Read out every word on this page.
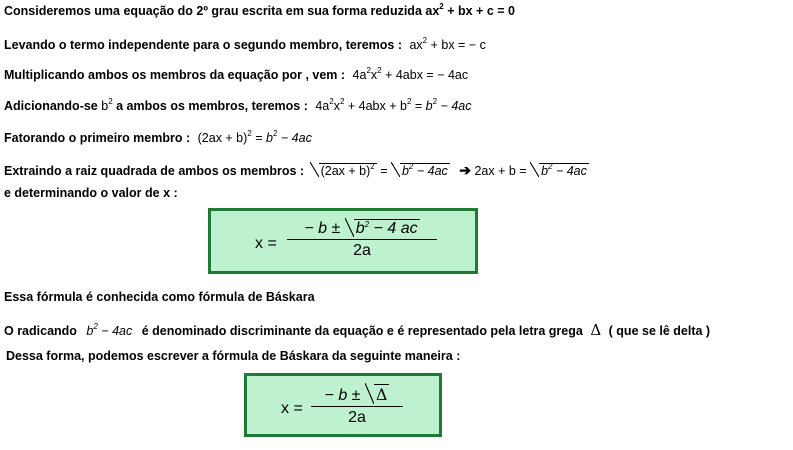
Consideremos uma equação do 2º grau escrita em sua forma reduzida $ax^2$ + bx + c = 0
Levando o termo independente para o segundo membro, teremos : $ax^2$ + bx = − c
Multiplicando ambos os membros da equação por , vem : $4a^2x^2 + 4abx$ = − 4ac
Adicionando-se $b^2$ a ambos os membros, teremos : $4a^2x^2 + 4abx + b^2 = b^2 - 4ac$
Fatorando o primeiro membro : $(2ax + b)^2 = b^2 - 4ac$
Extraindo a raiz quadrada de ambos os membros : $(2ax + b)^2 = b^2 - 4ac$ ➔ $2ax + b = b^2 - 4ac$
e determinando o valor de x :
$x = \frac{- b \pm b^2 - 4 ac}{2a}$
Essa fórmula é conhecida como fórmula de Báskara
O radicando $b^2 - 4ac$ é denominado discriminante da equação e é representado pela letra grega Δ ( que se lê delta )
Dessa forma, podemos escrever a fórmula de Báskara da seguinte maneira :
$x = \frac{- b \pm \Delta}{2a}$
